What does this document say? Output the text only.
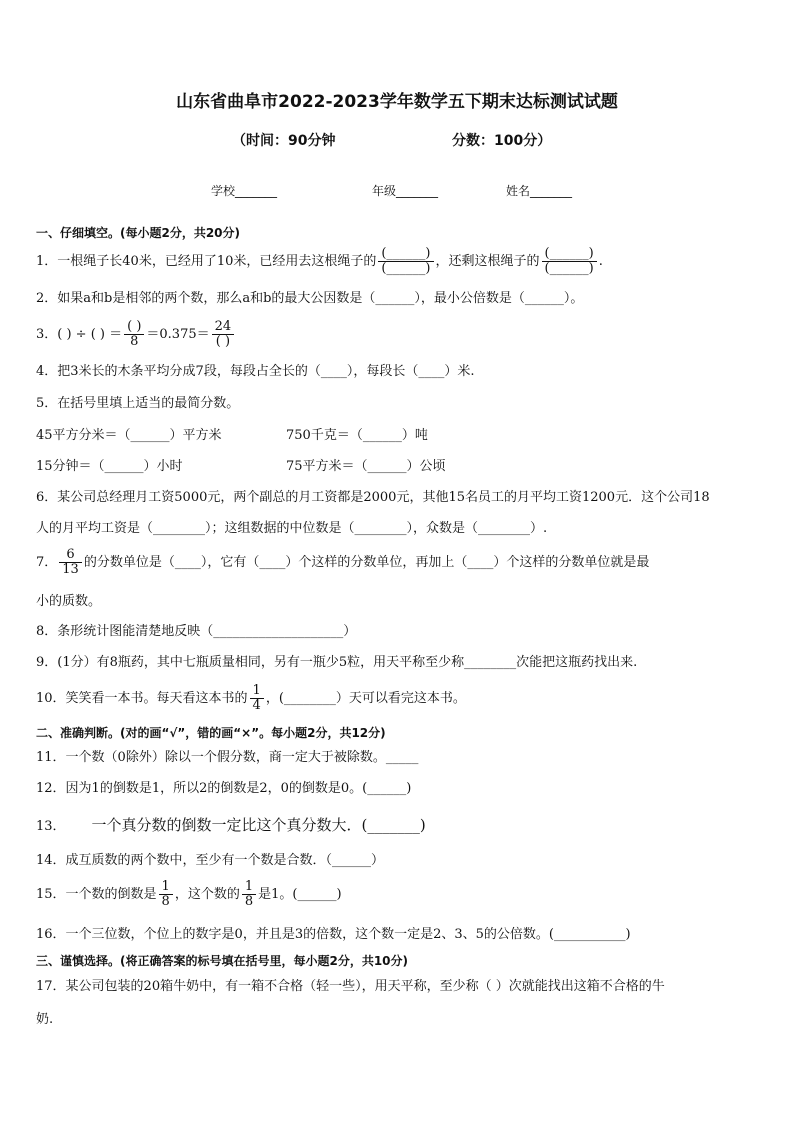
山东省曲阜市2022-2023学年数学五下期末达标测试试题
（时间：90分钟	分数：100分）
学校_______	年级_______	姓名_______
一、仔细填空。(每小题2分，共20分)
1．一根绳子长40米，已经用了10米，已经用去这根绳子的 $\frac{(\_\_\_\_\_\_)}{(\_\_\_\_\_\_)}$ ，还剩这根绳子的 $\frac{(\_\_\_\_\_\_)}{(\_\_\_\_\_\_)}$ .
2．如果a和b是相邻的两个数，那么a和b的最大公因数是（______），最小公倍数是（______）。
3．( ) ÷ ( ) ＝ $\frac{( )}{8} =0.375= \frac{24}{( )}$
4．把3米长的木条平均分成7段，每段占全长的（____），每段长（____）米.
5．在括号里填上适当的最简分数。
45平方分米＝（______）平方米	750千克＝（______）吨
15分钟＝（______）小时	75平方米＝（______）公顷
6．某公司总经理月工资5000元，两个副总的月工资都是2000元，其他15名员工的月平均工资1200元．这个公司18
人的月平均工资是（________）；这组数据的中位数是（________），众数是（________）.
7． $\frac{6}{13}$ 的分数单位是（____），它有（____）个这样的分数单位，再加上（____）个这样的分数单位就是最
小的质数。
8．条形统计图能清楚地反映（____________________）
9．(1分）有8瓶药，其中七瓶质量相同，另有一瓶少5粒，用天平称至少称________次能把这瓶药找出来.
10．笑笑看一本书。每天看这本书的 $\frac{1}{4}$ ，(________）天可以看完这本书。
二、准确判断。(对的画“√”，错的画“×”。每小题2分，共12分)
11．一个数（0除外）除以一个假分数，商一定大于被除数。_____
12．因为1的倒数是1，所以2的倒数是2，0的倒数是0。(______)
13． 一个真分数的倒数一定比这个真分数大．(_______)
14．成互质数的两个数中，至少有一个数是合数．（______）
15．一个数的倒数是 $\frac{1}{8}$ ，这个数的 $\frac{1}{8}$ 是1。(______)
16．一个三位数，个位上的数字是0，并且是3的倍数，这个数一定是2、3、5的公倍数。(___________)
三、谨慎选择。(将正确答案的标号填在括号里，每小题2分，共10分)
17．某公司包装的20箱牛奶中，有一箱不合格（轻一些），用天平称，至少称（ ）次就能找出这箱不合格的牛
奶.
